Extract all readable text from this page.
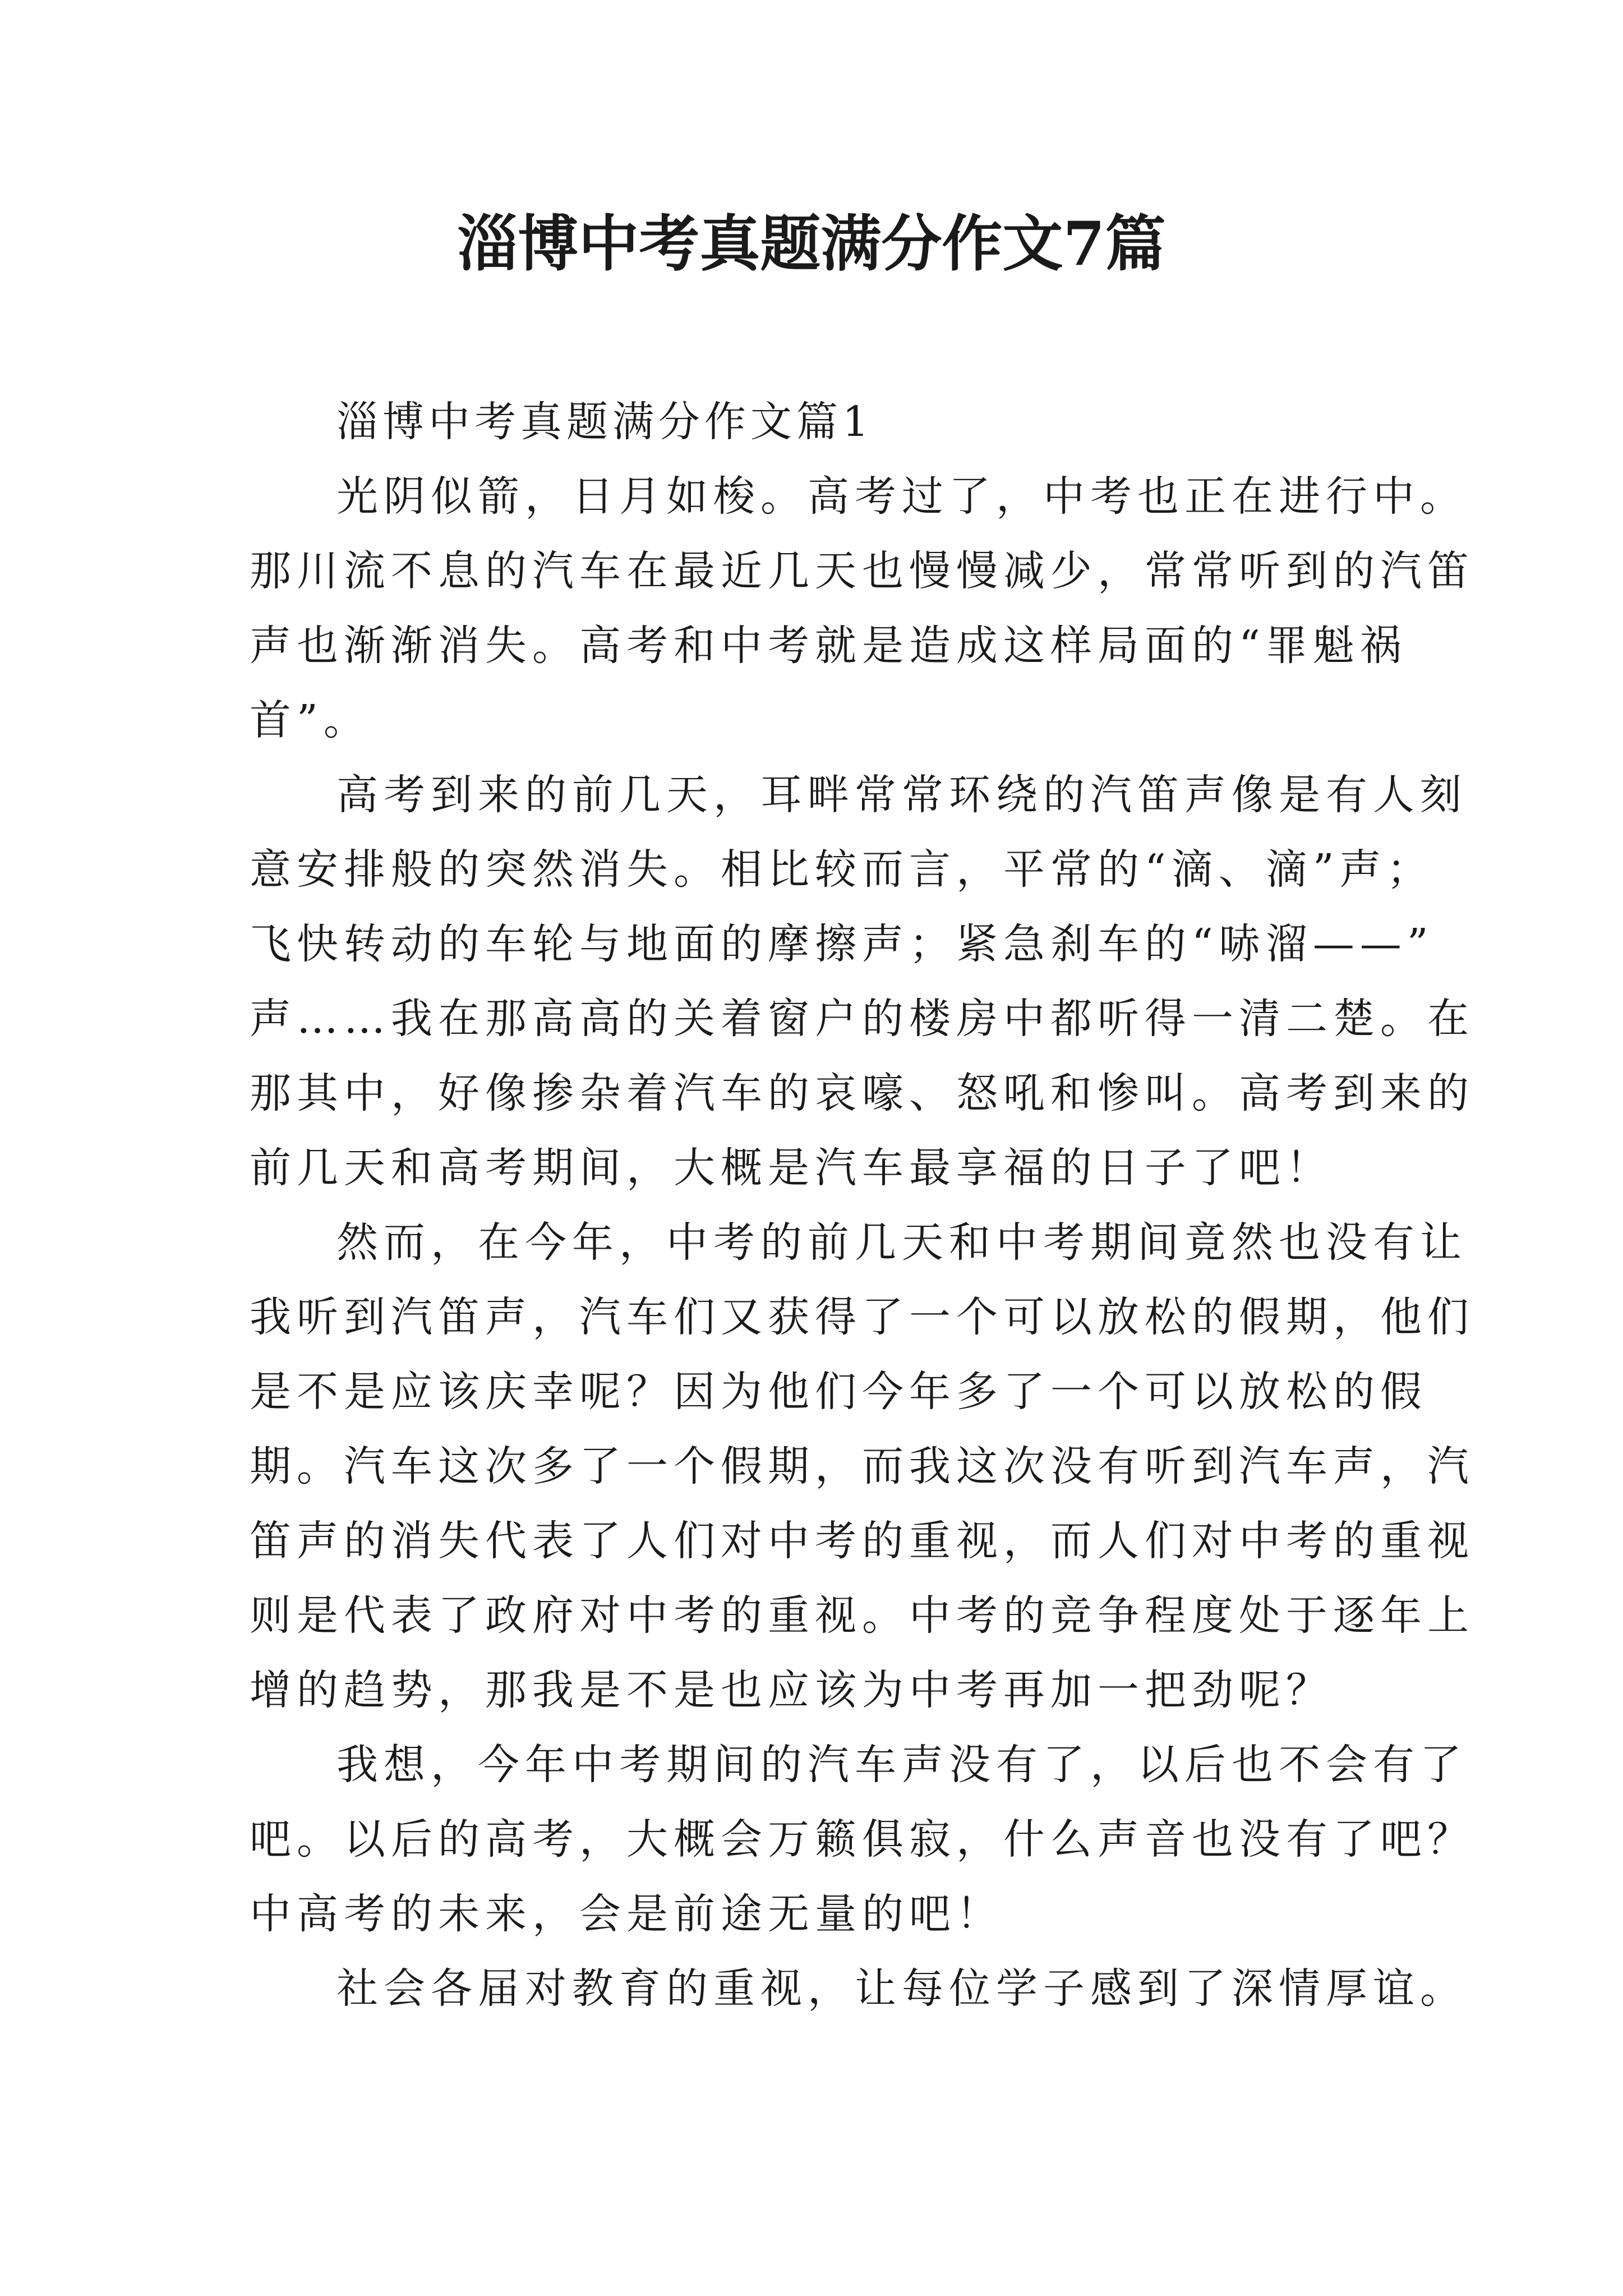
淄博中考真题满分作文7篇
淄博中考真题满分作文篇1
光阴似箭，日月如梭。高考过了，中考也正在进行中。
那川流不息的汽车在最近几天也慢慢减少，常常听到的汽笛
声也渐渐消失。高考和中考就是造成这样局面的“罪魁祸
首”。
高考到来的前几天，耳畔常常环绕的汽笛声像是有人刻
意安排般的突然消失。相比较而言，平常的“滴、滴”声；
飞快转动的车轮与地面的摩擦声；紧急刹车的“哧溜——”
声……我在那高高的关着窗户的楼房中都听得一清二楚。在
那其中，好像掺杂着汽车的哀嚎、怒吼和惨叫。高考到来的
前几天和高考期间，大概是汽车最享福的日子了吧！
然而，在今年，中考的前几天和中考期间竟然也没有让
我听到汽笛声，汽车们又获得了一个可以放松的假期，他们
是不是应该庆幸呢？因为他们今年多了一个可以放松的假
期。汽车这次多了一个假期，而我这次没有听到汽车声，汽
笛声的消失代表了人们对中考的重视，而人们对中考的重视
则是代表了政府对中考的重视。中考的竞争程度处于逐年上
增的趋势，那我是不是也应该为中考再加一把劲呢？
我想，今年中考期间的汽车声没有了，以后也不会有了
吧。以后的高考，大概会万籁俱寂，什么声音也没有了吧？
中高考的未来，会是前途无量的吧！
社会各届对教育的重视，让每位学子感到了深情厚谊。
